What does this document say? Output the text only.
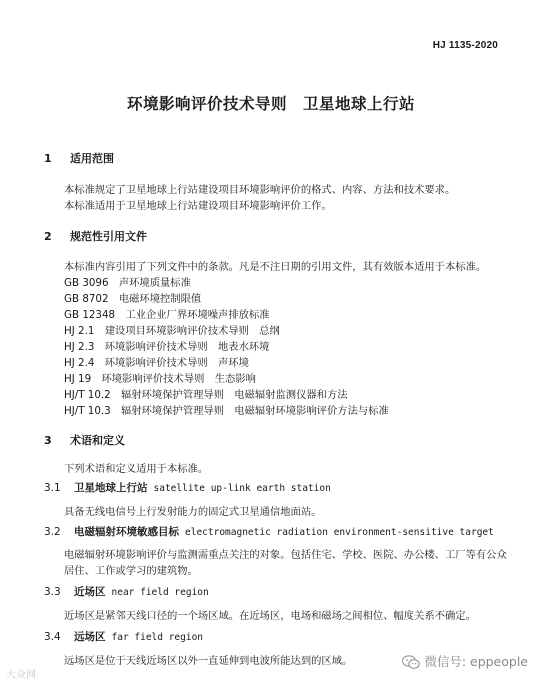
HJ 1135-2020
环境影响评价技术导则　卫星地球上行站
1 适用范围
本标准规定了卫星地球上行站建设项目环境影响评价的格式、内容、方法和技术要求。
本标准适用于卫星地球上行站建设项目环境影响评价工作。
2 规范性引用文件
本标准内容引用了下列文件中的条款。凡是不注日期的引用文件，其有效版本适用于本标准。
GB 3096　 声环境质量标准
GB 8702　 电磁环境控制限值
GB 12348　 工业企业厂界环境噪声排放标准
HJ 2.1　 建设项目环境影响评价技术导则　总纲
HJ 2.3　 环境影响评价技术导则　地表水环境
HJ 2.4　 环境影响评价技术导则　声环境
HJ 19　 环境影响评价技术导则　生态影响
HJ/T 10.2　 辐射环境保护管理导则　电磁辐射监测仪器和方法
HJ/T 10.3　 辐射环境保护管理导则　电磁辐射环境影响评价方法与标准
3 术语和定义
下列术语和定义适用于本标准。
3.1 卫星地球上行站 satellite up-link earth station
具备无线电信号上行发射能力的固定式卫星通信地面站。
3.2 电磁辐射环境敏感目标 electromagnetic radiation environment-sensitive target
电磁辐射环境影响评价与监测需重点关注的对象。包括住宅、学校、医院、办公楼、工厂等有公众
居住、工作或学习的建筑物。
3.3 近场区 near field region
近场区是紧邻天线口径的一个场区域。在近场区，电场和磁场之间相位、幅度关系不确定。
3.4 远场区 far field region
远场区是位于天线近场区以外一直延伸到电波所能达到的区域。
大众网
微信号: eppeople
